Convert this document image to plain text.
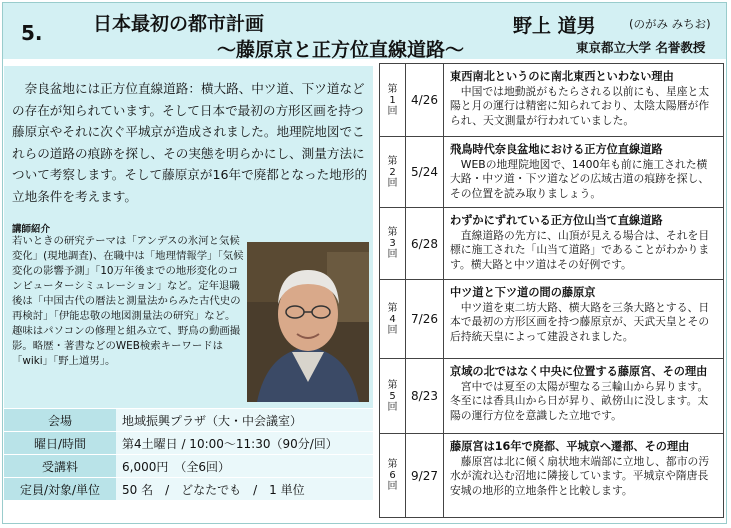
5.	日本最初の都市計画
～藤原京と正方位直線道路～
野上 道男	(のがみ みちお)
東京都立大学 名誉教授
奈良盆地には正方位直線道路：横大路、中ツ道、下ツ道などの存在が知られています。そして日本で最初の方形区画を持つ藤原京やそれに次ぐ平城京が造成されました。地理院地図でこれらの道路の痕跡を探し、その実態を明らかにし、測量方法について考察します。そして藤原京が16年で廃都となった地形的立地条件を考えます。
講師紹介
若いときの研究テーマは「アンデスの氷河と気候変化」(現地調査)、在職中は「地理情報学」「気候変化の影響予測」「10万年後までの地形変化のコンピューターシミュレーション」など。定年退職後は「中国古代の暦法と測量法からみた古代史の再検討」「伊能忠敬の地図測量法の研究」など。趣味はパソコンの修理と組み立て、野鳥の動画撮影。略歴・著書などのWEB検索キーワードは「wiki」「野上道男」。
会場	地域振興プラザ（大・中会議室）
曜日/時間	第4土曜日 / 10:00～11:30（90分/回）
受講料	6,000円　（全6回）
定員/対象/単位	50 名　/　どなたでも　/　1 単位
第
1
回
4/26
東西南北というのに南北東西といわない理由
中国では地動説がもたらされる以前にも、星座と太陽と月の運行は精密に知られており、太陰太陽暦が作られ、天文測量が行われていました。
第
2
回
5/24
飛鳥時代奈良盆地における正方位直線道路
WEBの地理院地図で、1400年も前に施工された横大路・中ツ道・下ツ道などの広域古道の痕跡を探し、その位置を読み取りましょう。
第
3
回
6/28
わずかにずれている正方位山当て直線道路
直線道路の先方に、山頂が見える場合は、それを目標に施工された「山当て道路」であることがわかります。横大路と中ツ道はその好例です。
第
4
回
7/26
中ツ道と下ツ道の間の藤原京
中ツ道を東二坊大路、横大路を三条大路とする、日本で最初の方形区画を持つ藤原京が、天武天皇とその后持統天皇によって建設されました。
第
5
回
8/23
京域の北ではなく中央に位置する藤原宮、その理由
宮中では夏至の太陽が聖なる三輪山から昇ります。冬至には香具山から日が昇り、畝傍山に没します。太陽の運行方位を意識した立地です。
第
6
回
9/27
藤原宮は16年で廃都、平城京へ遷都、その理由
藤原宮は北に傾く扇状地末端部に立地し、都市の汚水が流れ込む沼地に隣接しています。平城京や隋唐長安城の地形的立地条件と比較します。
